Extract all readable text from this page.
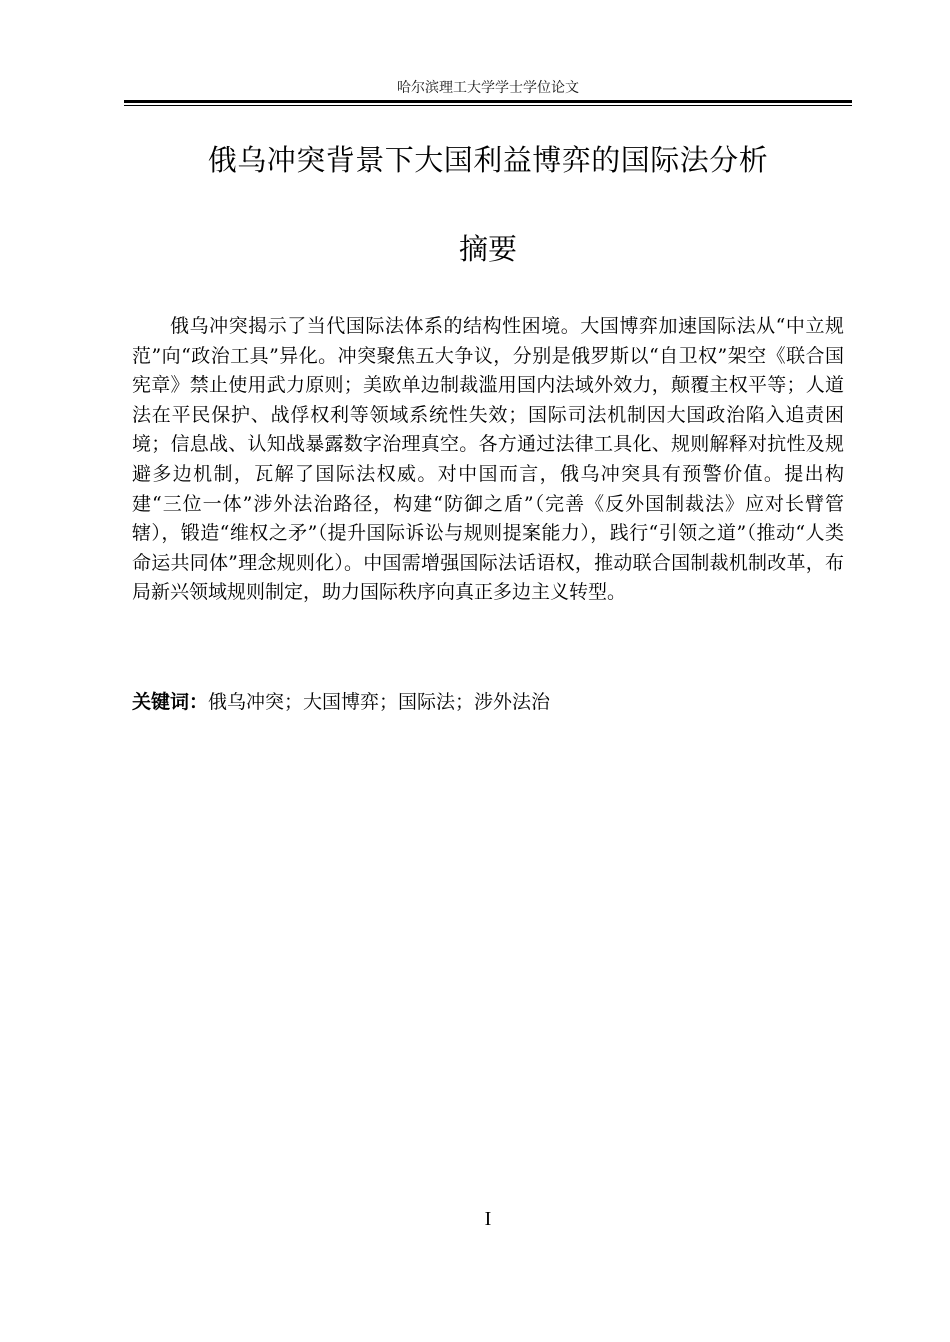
哈尔滨理工大学学士学位论文
俄乌冲突背景下大国利益博弈的国际法分析
摘要

俄乌冲突揭示了当代国际法体系的结构性困境。大国博弈加速国际法从“中立规范”向“政治工具”异化。冲突聚焦五大争议，分别是俄罗斯以“自卫权”架空《联合国宪章》禁止使用武力原则；美欧单边制裁滥用国内法域外效力，颠覆主权平等；人道法在平民保护、战俘权利等领域系统性失效；国际司法机制因大国政治陷入追责困境；信息战、认知战暴露数字治理真空。各方通过法律工具化、规则解释对抗性及规避多边机制，瓦解了国际法权威。对中国而言，俄乌冲突具有预警价值。提出构建“三位一体”涉外法治路径，构建“防御之盾”（完善《反外国制裁法》应对长臂管辖），锻造“维权之矛”（提升国际诉讼与规则提案能力），践行“引领之道”（推动“人类命运共同体”理念规则化）。中国需增强国际法话语权，推动联合国制裁机制改革，布局新兴领域规则制定，助力国际秩序向真正多边主义转型。

关键词：俄乌冲突；大国博弈；国际法；涉外法治
I
